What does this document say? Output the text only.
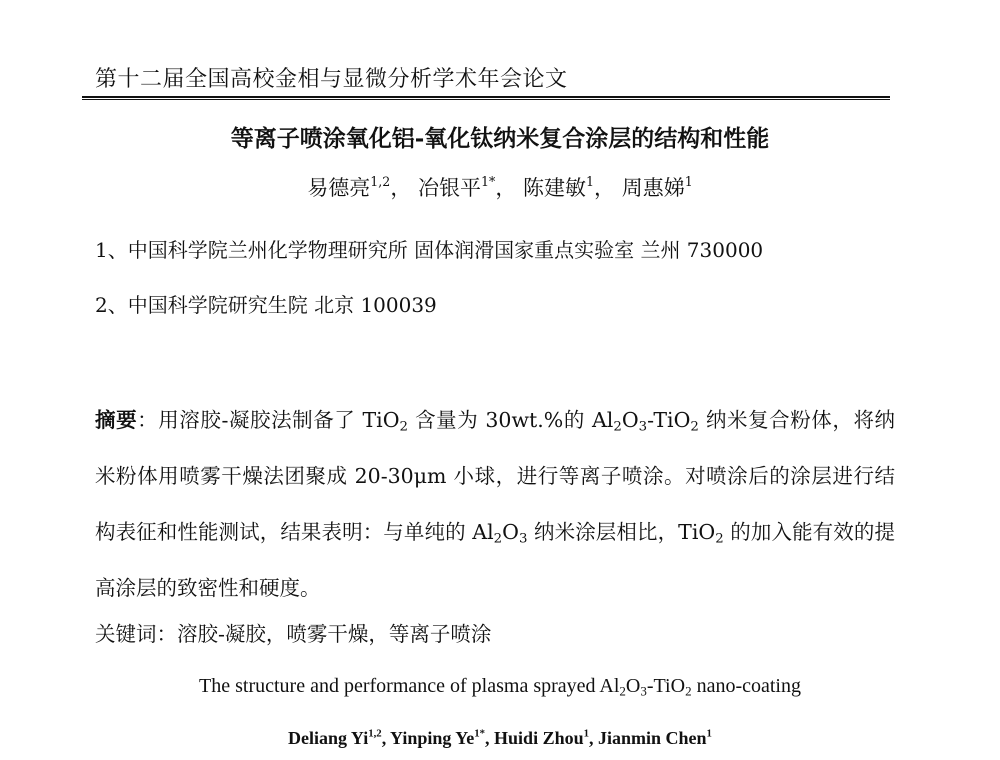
第十二届全国高校金相与显微分析学术年会论文
等离子喷涂氧化铝-氧化钛纳米复合涂层的结构和性能
易德亮$^{1,2}$， 冶银平$^{1*}$， 陈建敏$^1$， 周惠娣$^1$
1、中国科学院兰州化学物理研究所 固体润滑国家重点实验室 兰州 730000
2、中国科学院研究生院 北京 100039
摘要：用溶胶-凝胶法制备了 TiO$_2$ 含量为 30wt.%的 $Al_2O_3-TiO_2$ 纳米复合粉体，将纳米粉体用喷雾干燥法团聚成 20-30μm 小球，进行等离子喷涂。对喷涂后的涂层进行结构表征和性能测试，结果表明：与单纯的 $Al_2O_3$ 纳米涂层相比，TiO$_2$ 的加入能有效的提高涂层的致密性和硬度。
关键词：溶胶-凝胶，喷雾干燥，等离子喷涂
The structure and performance of plasma sprayed $Al_2O_3-TiO_2$ nano-coating
Deliang Yi$^{1,2}$, Yinping $Ye^{1*}$, Huidi Zhou$^1$, Jianmin Chen$^1$
